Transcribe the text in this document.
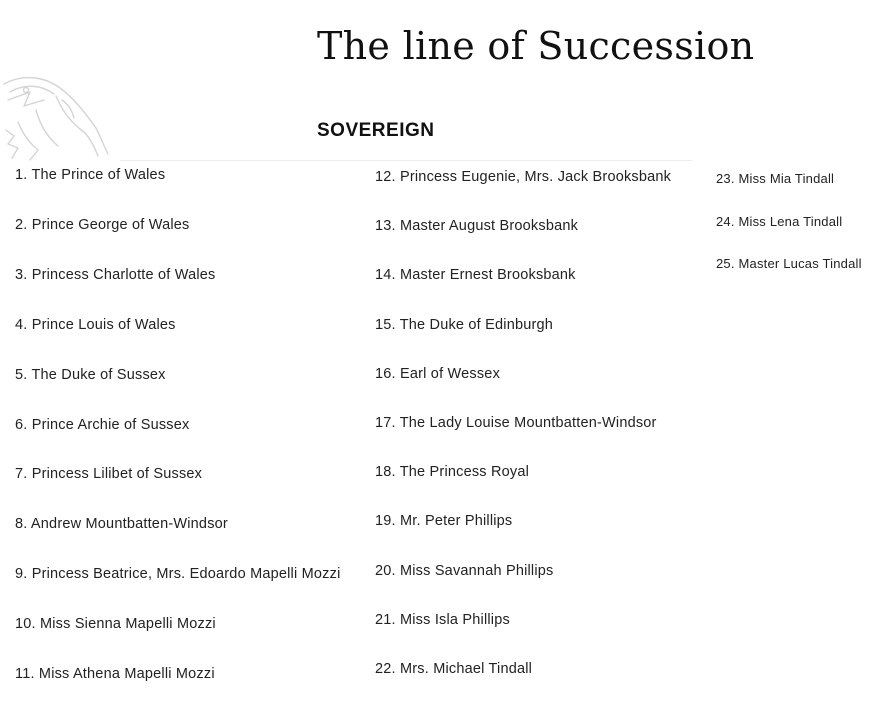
The line of Succession
SOVEREIGN
1. The Prince of Wales
2. Prince George of Wales
3. Princess Charlotte of Wales
4. Prince Louis of Wales
5. The Duke of Sussex
6. Prince Archie of Sussex
7. Princess Lilibet of Sussex
8. Andrew Mountbatten-Windsor
9. Princess Beatrice, Mrs. Edoardo Mapelli Mozzi
10. Miss Sienna Mapelli Mozzi
11. Miss Athena Mapelli Mozzi
12. Princess Eugenie, Mrs. Jack Brooksbank
13. Master August Brooksbank
14. Master Ernest Brooksbank
15. The Duke of Edinburgh
16. Earl of Wessex
17. The Lady Louise Mountbatten-Windsor
18. The Princess Royal
19. Mr. Peter Phillips
20. Miss Savannah Phillips
21. Miss Isla Phillips
22. Mrs. Michael Tindall
23. Miss Mia Tindall
24. Miss Lena Tindall
25. Master Lucas Tindall
